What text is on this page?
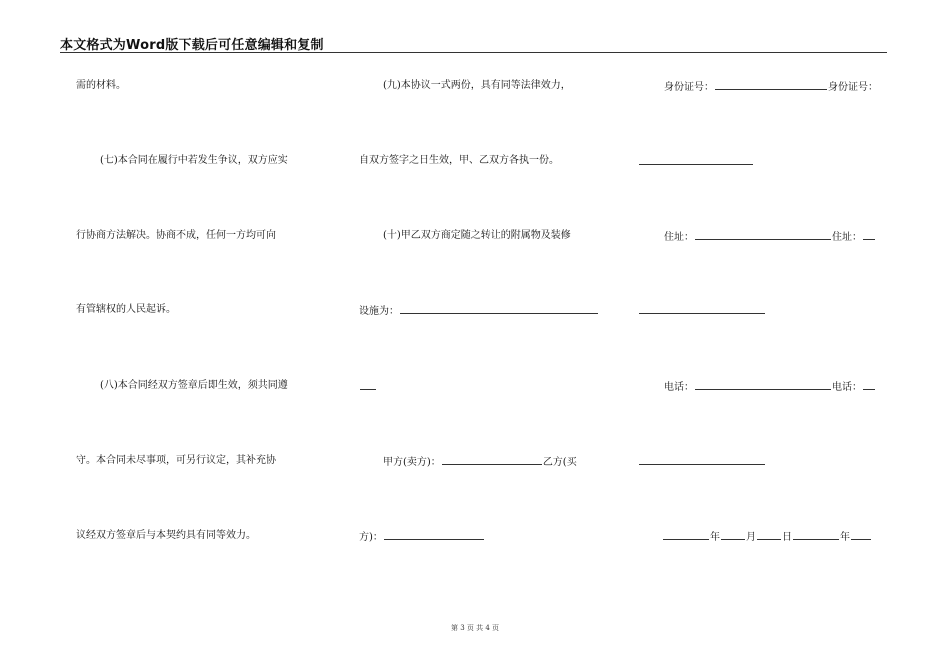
本文格式为Word版下载后可任意编辑和复制
需的材料。
(七)本合同在履行中若发生争议，双方应实
行协商方法解决。协商不成，任何一方均可向
有管辖权的人民起诉。
(八)本合同经双方签章后即生效，须共同遵
守。本合同未尽事项，可另行议定，其补充协
议经双方签章后与本契约具有同等效力。
(九)本协议一式两份，具有同等法律效力，
自双方签字之日生效，甲、乙双方各执一份。
(十)甲乙双方商定随之转让的附属物及装修
设施为：
甲方(卖方)：	乙方(买
方)：
身份证号：	身份证号：
住址：	住址：
电话：	电话：
年	月	日	年
第 3 页 共 4 页
